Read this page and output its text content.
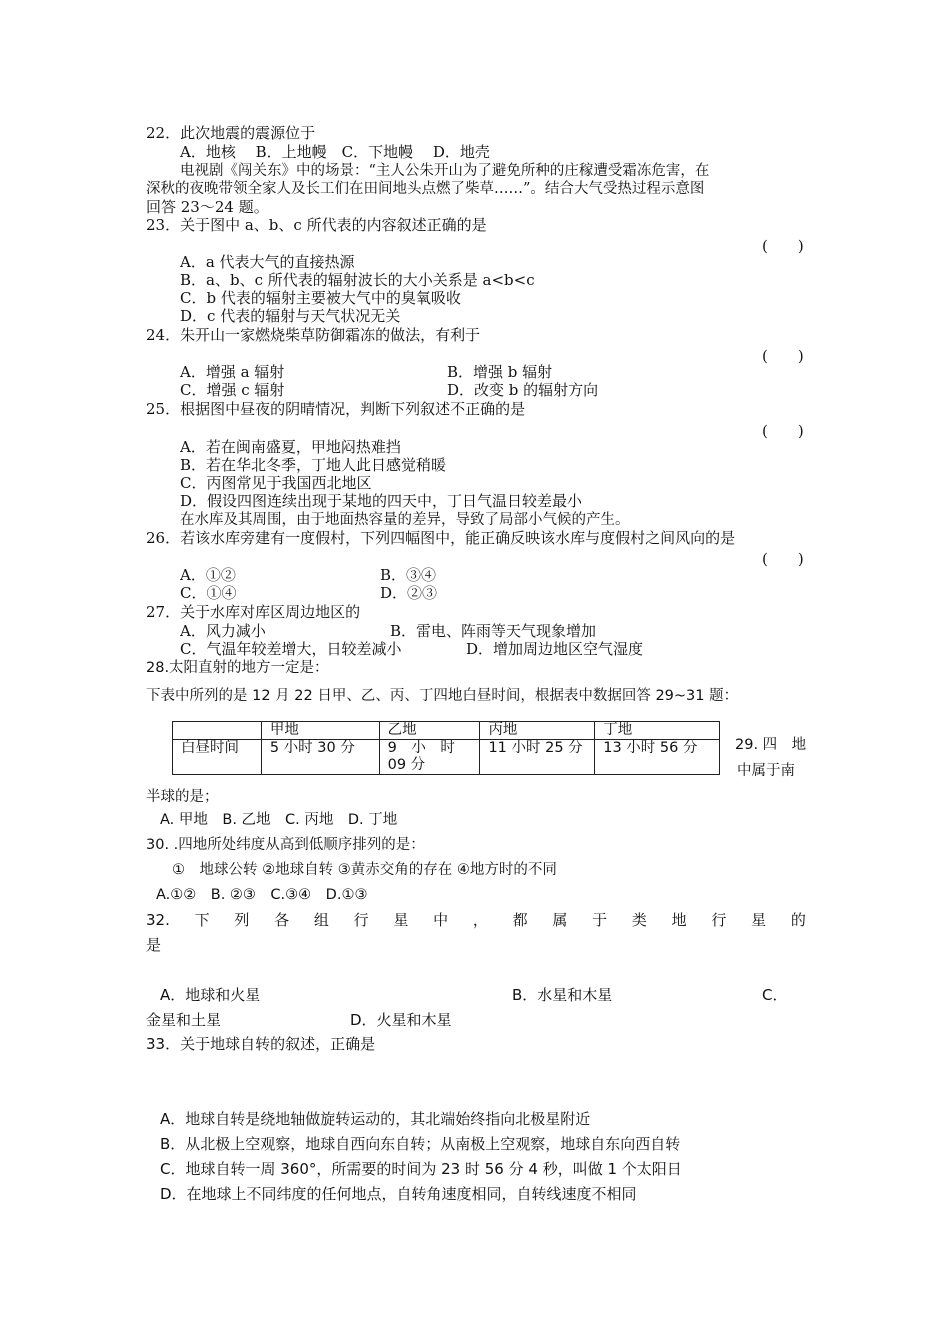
22．此次地震的震源位于
A．地核　 B．上地幔　C．下地幔　 D．地壳
电视剧《闯关东》中的场景：“主人公朱开山为了避免所种的庄稼遭受霜冻危害，在
深秋的夜晚带领全家人及长工们在田间地头点燃了柴草……”。结合大气受热过程示意图
回答 23～24 题。
23．关于图中 a、b、c 所代表的内容叙述正确的是
(　　)
A．a 代表大气的直接热源
B．a、b、c 所代表的辐射波长的大小关系是 a<b<c
C．b 代表的辐射主要被大气中的臭氧吸收
D．c 代表的辐射与天气状况无关
24．朱开山一家燃烧柴草防御霜冻的做法，有利于
(　　)
A．增强 a 辐射	B．增强 b 辐射
C．增强 c 辐射	D．改变 b 的辐射方向
25．根据图中昼夜的阴晴情况，判断下列叙述不正确的是
(　　)
A．若在闽南盛夏，甲地闷热难挡
B．若在华北冬季，丁地人此日感觉稍暖
C．丙图常见于我国西北地区
D．假设四图连续出现于某地的四天中，丁日气温日较差最小
在水库及其周围，由于地面热容量的差异，导致了局部小气候的产生。
26．若该水库旁建有一度假村，下列四幅图中，能正确反映该水库与度假村之间风向的是
(　　)
A．①②	B．③④
C．①④	D．②③
27．关于水库对库区周边地区的
A．风力减小	B．雷电、阵雨等天气现象增加
C．气温年较差增大，日较差减小	D．增加周边地区空气湿度
28.太阳直射的地方一定是：
下表中所列的是 12 月 22 日甲、乙、丙、丁四地白昼时间，根据表中数据回答 29~31 题：
	甲地	乙地	丙地	丁地
白昼时间	5 小时 30 分	9　小　时　09 分	11 小时 25 分	13 小时 56 分	29. 四　地
中属于南
半球的是；
A. 甲地　B. 乙地　C. 丙地　D. 丁地
30. .四地所处纬度从高到低顺序排列的是：
①　地球公转 ②地球自转 ③黄赤交角的存在 ④地方时的不同
A.①②　B. ②③　C.③④　D.①③
32. 下 列 各 组 行 星 中 ， 都 属 于 类 地 行 星 的
是
A．地球和火星	B．水星和木星	C．
金星和土星	D．火星和木星
33．关于地球自转的叙述，正确是
A．地球自转是绕地轴做旋转运动的，其北端始终指向北极星附近
B．从北极上空观察，地球自西向东自转；从南极上空观察，地球自东向西自转
C．地球自转一周 360°，所需要的时间为 23 时 56 分 4 秒，叫做 1 个太阳日
D．在地球上不同纬度的任何地点，自转角速度相同，自转线速度不相同
